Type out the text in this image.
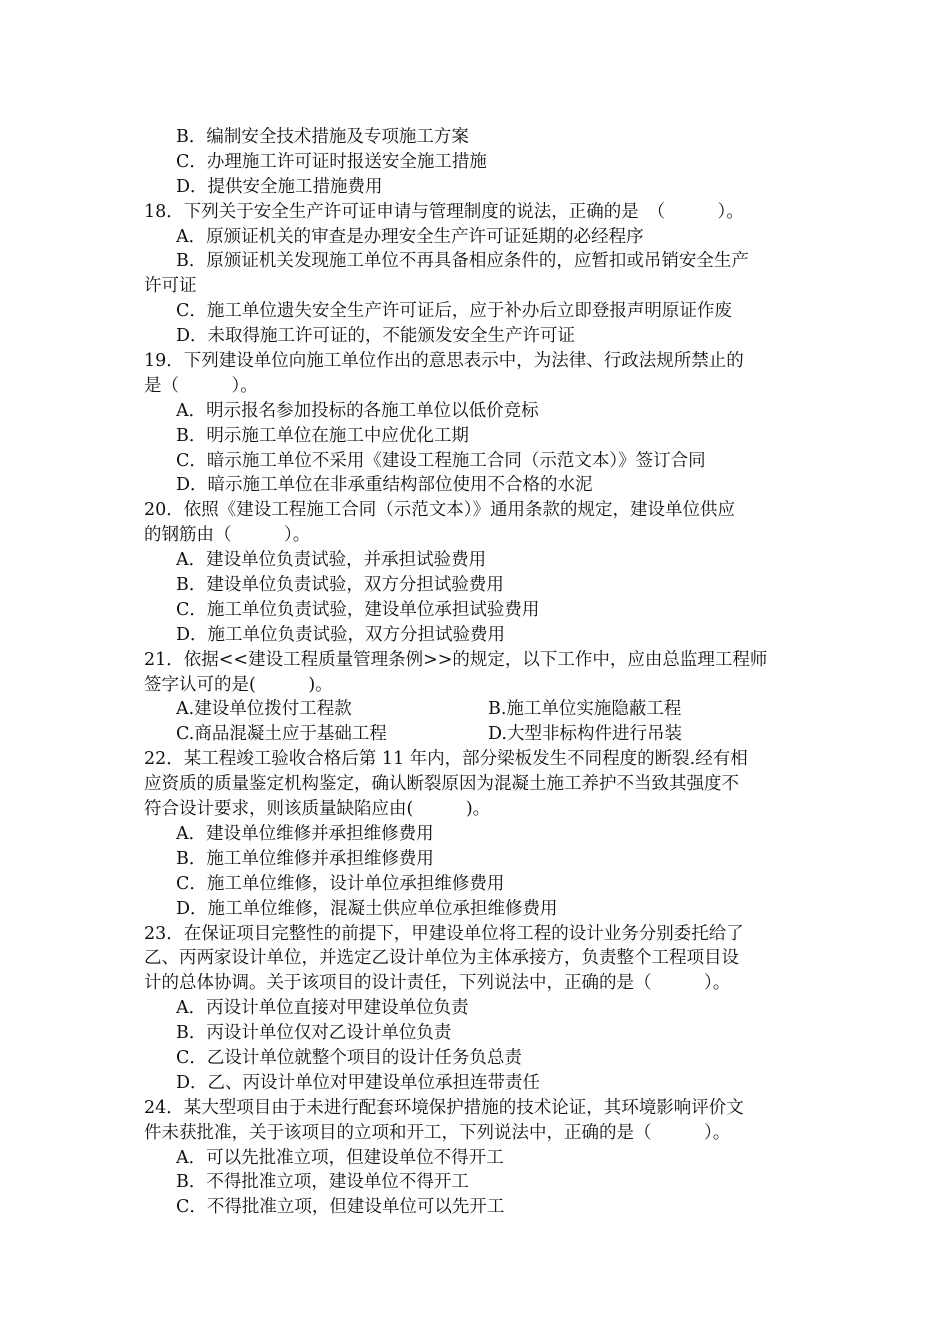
B．编制安全技术措施及专项施工方案
C．办理施工许可证时报送安全施工措施
D．提供安全施工措施费用
18．下列关于安全生产许可证申请与管理制度的说法，正确的是　（　　　）。
A．原颁证机关的审查是办理安全生产许可证延期的必经程序
B．原颁证机关发现施工单位不再具备相应条件的，应暂扣或吊销安全生产
许可证
C．施工单位遗失安全生产许可证后，应于补办后立即登报声明原证作废
D．未取得施工许可证的，不能颁发安全生产许可证
19．下列建设单位向施工单位作出的意思表示中，为法律、行政法规所禁止的
是（　　　）。
A．明示报名参加投标的各施工单位以低价竞标
B．明示施工单位在施工中应优化工期
C．暗示施工单位不采用《建设工程施工合同（示范文本）》签订合同
D．暗示施工单位在非承重结构部位使用不合格的水泥
20．依照《建设工程施工合同（示范文本）》通用条款的规定，建设单位供应
的钢筋由（　　　）。
A．建设单位负责试验，并承担试验费用
B．建设单位负责试验，双方分担试验费用
C．施工单位负责试验，建设单位承担试验费用
D．施工单位负责试验，双方分担试验费用
21．依据<<建设工程质量管理条例>>的规定，以下工作中，应由总监理工程师
签字认可的是(　　　)。
A.建设单位拨付工程款	B.施工单位实施隐蔽工程
C.商品混凝土应于基础工程	D.大型非标构件进行吊装
22．某工程竣工验收合格后第 11 年内，部分梁板发生不同程度的断裂.经有相
应资质的质量鉴定机构鉴定，确认断裂原因为混凝土施工养护不当致其强度不
符合设计要求，则该质量缺陷应由(　　　)。
A．建设单位维修并承担维修费用
B．施工单位维修并承担维修费用
C．施工单位维修，设计单位承担维修费用
D．施工单位维修，混凝土供应单位承担维修费用
23．在保证项目完整性的前提下，甲建设单位将工程的设计业务分别委托给了
乙、丙两家设计单位，并选定乙设计单位为主体承接方，负责整个工程项目设
计的总体协调。关于该项目的设计责任，下列说法中，正确的是（　　　）。
A．丙设计单位直接对甲建设单位负责
B．丙设计单位仅对乙设计单位负责
C．乙设计单位就整个项目的设计任务负总责
D．乙、丙设计单位对甲建设单位承担连带责任
24．某大型项目由于未进行配套环境保护措施的技术论证，其环境影响评价文
件未获批准，关于该项目的立项和开工，下列说法中，正确的是（　　　）。
A．可以先批准立项，但建设单位不得开工
B．不得批准立项，建设单位不得开工
C．不得批准立项，但建设单位可以先开工
